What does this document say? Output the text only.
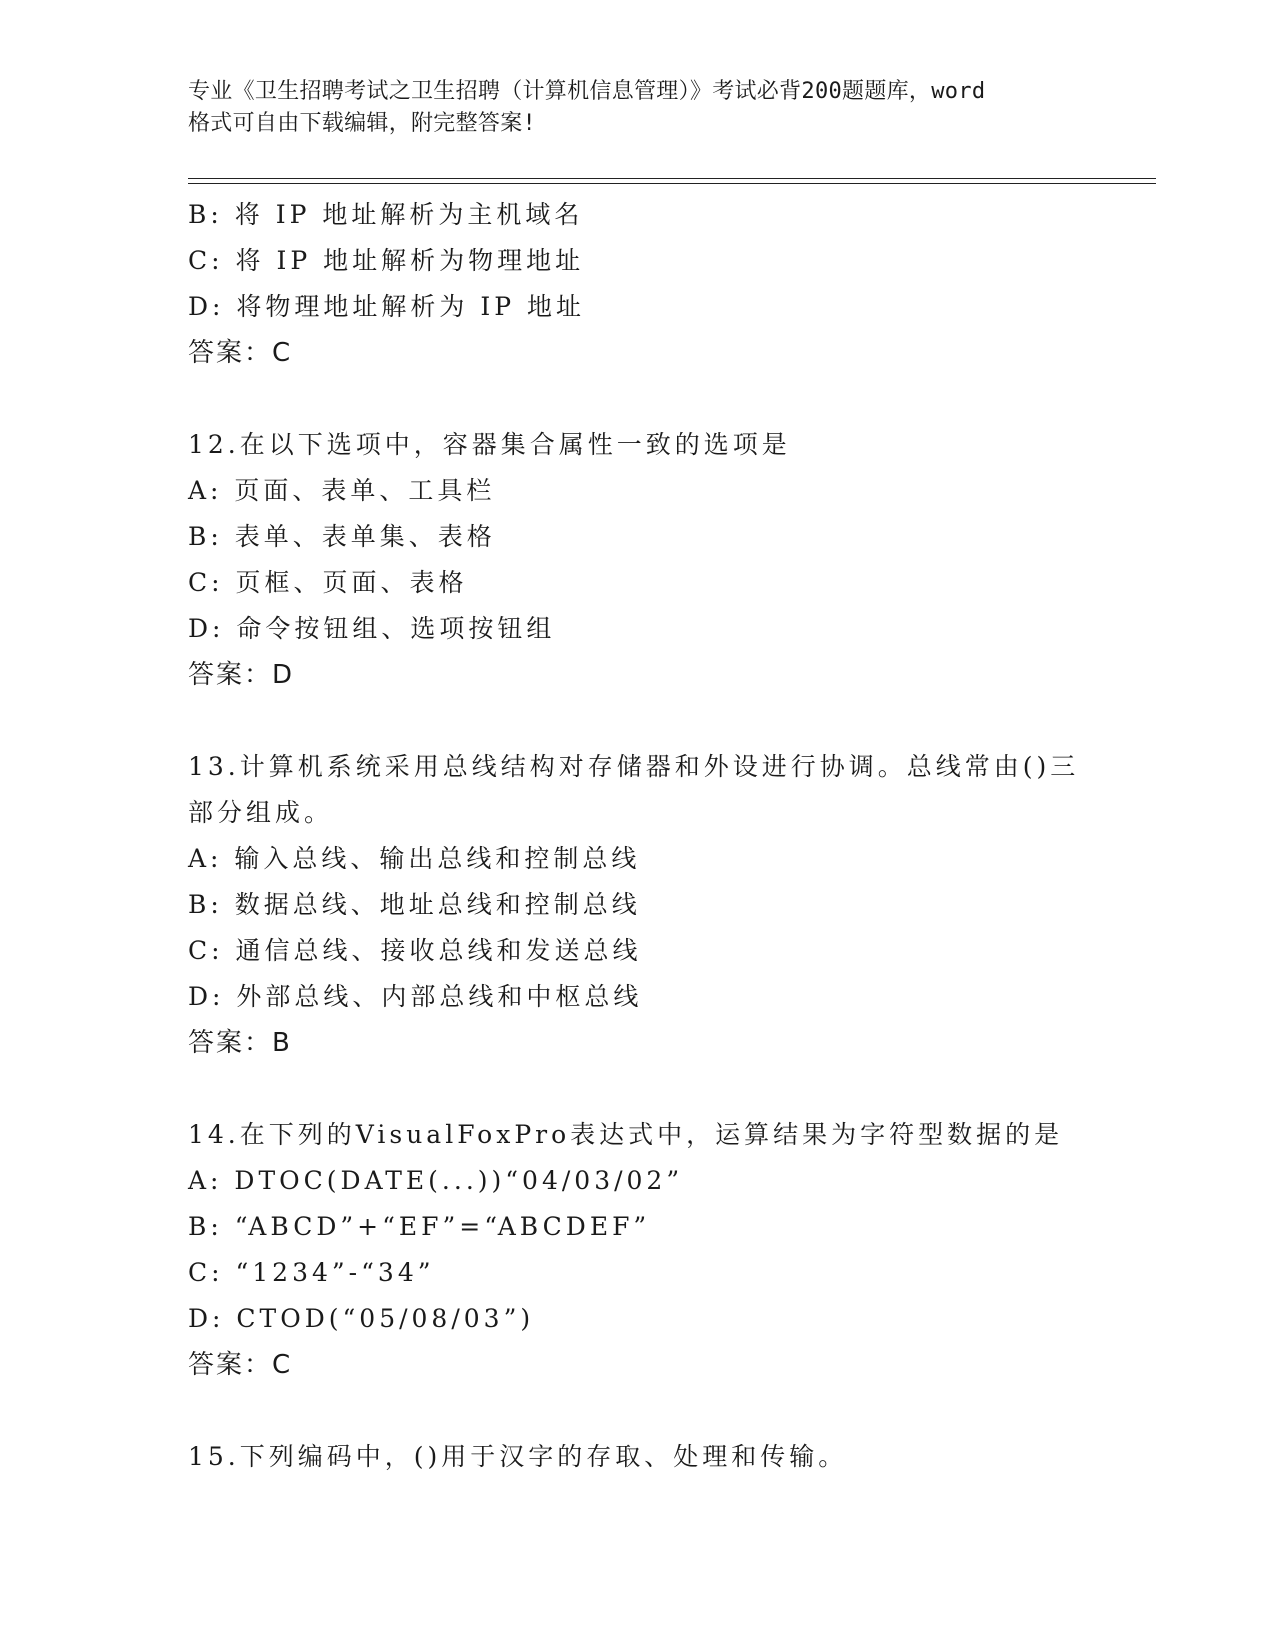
专业《卫生招聘考试之卫生招聘（计算机信息管理）》考试必背200题题库，word
格式可自由下载编辑，附完整答案!
B: 将 IP 地址解析为主机域名
C: 将 IP 地址解析为物理地址
D: 将物理地址解析为 IP 地址
答案：C
12.在以下选项中，容器集合属性一致的选项是
A: 页面、表单、工具栏
B: 表单、表单集、表格
C: 页框、页面、表格
D: 命令按钮组、选项按钮组
答案：D
13.计算机系统采用总线结构对存储器和外设进行协调。总线常由()三
部分组成。
A: 输入总线、输出总线和控制总线
B: 数据总线、地址总线和控制总线
C: 通信总线、接收总线和发送总线
D: 外部总线、内部总线和中枢总线
答案：B
14.在下列的VisualFoxPro表达式中，运算结果为字符型数据的是
A: DTOC(DATE(...))“04/03/02”
B: “ABCD”+“EF”=“ABCDEF”
C: “1234”-“34”
D: CTOD(“05/08/03”)
答案：C
15.下列编码中，()用于汉字的存取、处理和传输。
